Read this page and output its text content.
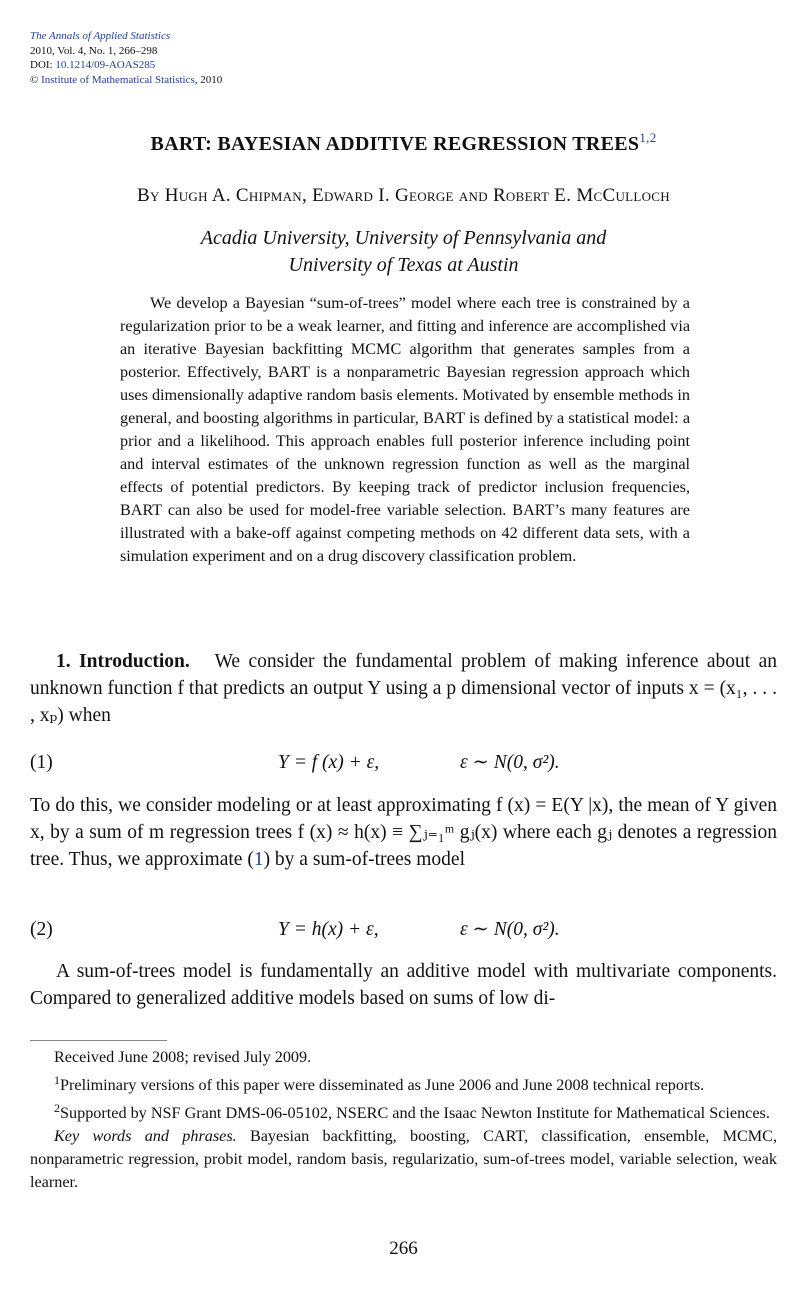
The Annals of Applied Statistics
2010, Vol. 4, No. 1, 266–298
DOI: 10.1214/09-AOAS285
© Institute of Mathematical Statistics, 2010
BART: BAYESIAN ADDITIVE REGRESSION TREES$^{1,2}$
By Hugh A. Chipman, Edward I. George and Robert E. McCulloch
Acadia University, University of Pennsylvania and
University of Texas at Austin

We develop a Bayesian “sum-of-trees” model where each tree is constrained by a regularization prior to be a weak learner, and fitting and inference are accomplished via an iterative Bayesian backfitting MCMC algorithm that generates samples from a posterior. Effectively, BART is a nonparametric Bayesian regression approach which uses dimensionally adaptive random basis elements. Motivated by ensemble methods in general, and boosting algorithms in particular, BART is defined by a statistical model: a prior and a likelihood. This approach enables full posterior inference including point and interval estimates of the unknown regression function as well as the marginal effects of potential predictors. By keeping track of predictor inclusion frequencies, BART can also be used for model-free variable selection. BART’s many features are illustrated with a bake-off against competing methods on 42 different data sets, with a simulation experiment and on a drug discovery classification problem.

1. Introduction. We consider the fundamental problem of making inference about an unknown function f that predicts an output Y using a p dimensional vector of inputs x = (x₁, . . . , xₚ) when

(1)	Y = f (x) + ε,	ε ∼ N(0, σ²).

To do this, we consider modeling or at least approximating f (x) = E(Y |x), the mean of Y given x, by a sum of m regression trees f (x) ≈ h(x) ≡ ∑ⱼ₌₁ᵐ gⱼ(x) where each gⱼ denotes a regression tree. Thus, we approximate (1) by a sum-of-trees model

(2)	Y = h(x) + ε,	ε ∼ N(0, σ²).

A sum-of-trees model is fundamentally an additive model with multivariate components. Compared to generalized additive models based on sums of low di-

Received June 2008; revised July 2009.

$^1$Preliminary versions of this paper were disseminated as June 2006 and June 2008 technical reports.

$^2$Supported by NSF Grant DMS-06-05102, NSERC and the Isaac Newton Institute for Mathematical Sciences.

Key words and phrases. Bayesian backfitting, boosting, CART, classification, ensemble, MCMC, nonparametric regression, probit model, random basis, regularizatio, sum-of-trees model, variable selection, weak learner.

266
